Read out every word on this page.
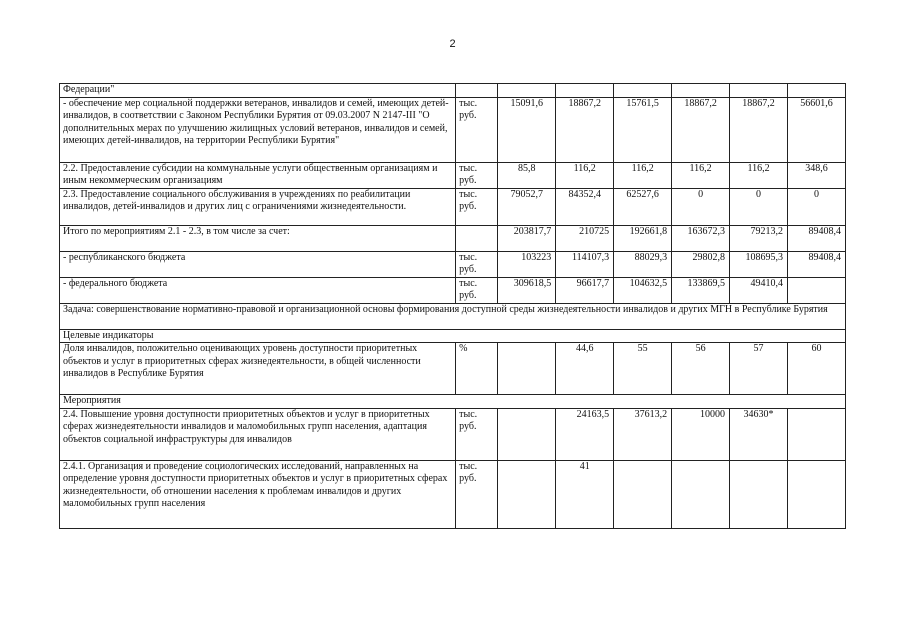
2
Федерации"							
- обеспечение мер социальной поддержки ветеранов, инвалидов и семей, имеющих детей-инвалидов, в соответствии с Законом Республики Бурятия от 09.03.2007 N 2147-III "О дополнительных мерах по улучшению жилищных условий ветеранов, инвалидов и семей, имеющих детей-инвалидов, на территории Республики Бурятия"	тыс. руб.	15091,6	18867,2	15761,5	18867,2	18867,2	56601,6
2.2. Предоставление субсидии на коммунальные услуги общественным организациям и иным некоммерческим организациям	тыс. руб.	85,8	116,2	116,2	116,2	116,2	348,6
2.3. Предоставление социального обслуживания в учреждениях по реабилитации инвалидов, детей-инвалидов и других лиц с ограничениями жизнедеятельности.	тыс. руб.	79052,7	84352,4	62527,6	0	0	0
Итого по мероприятиям 2.1 - 2.3, в том числе за счет:		203817,7	210725	192661,8	163672,3	79213,2	89408,4
- республиканского бюджета	тыс. руб.	103223	114107,3	88029,3	29802,8	108695,3	89408,4
- федерального бюджета	тыс. руб.	309618,5	96617,7	104632,5	133869,5	49410,4	
Задача: совершенствование нормативно-правовой и организационной основы формирования доступной среды жизнедеятельности инвалидов и других МГН в Республике Бурятия							
Целевые индикаторы							
Доля инвалидов, положительно оценивающих уровень доступности приоритетных объектов и услуг в приоритетных сферах жизнедеятельности, в общей численности инвалидов в Республике Бурятия	%		44,6	55	56	57	60
Мероприятия							
2.4. Повышение уровня доступности приоритетных объектов и услуг в приоритетных сферах жизнедеятельности инвалидов и маломобильных групп населения, адаптация объектов социальной инфраструктуры для инвалидов	тыс. руб.		24163,5	37613,2	10000	34630*	
2.4.1. Организация и проведение социологических исследований, направленных на определение уровня доступности приоритетных объектов и услуг в приоритетных сферах жизнедеятельности, об отношении населения к проблемам инвалидов и других маломобильных групп населения	тыс. руб.		41				
